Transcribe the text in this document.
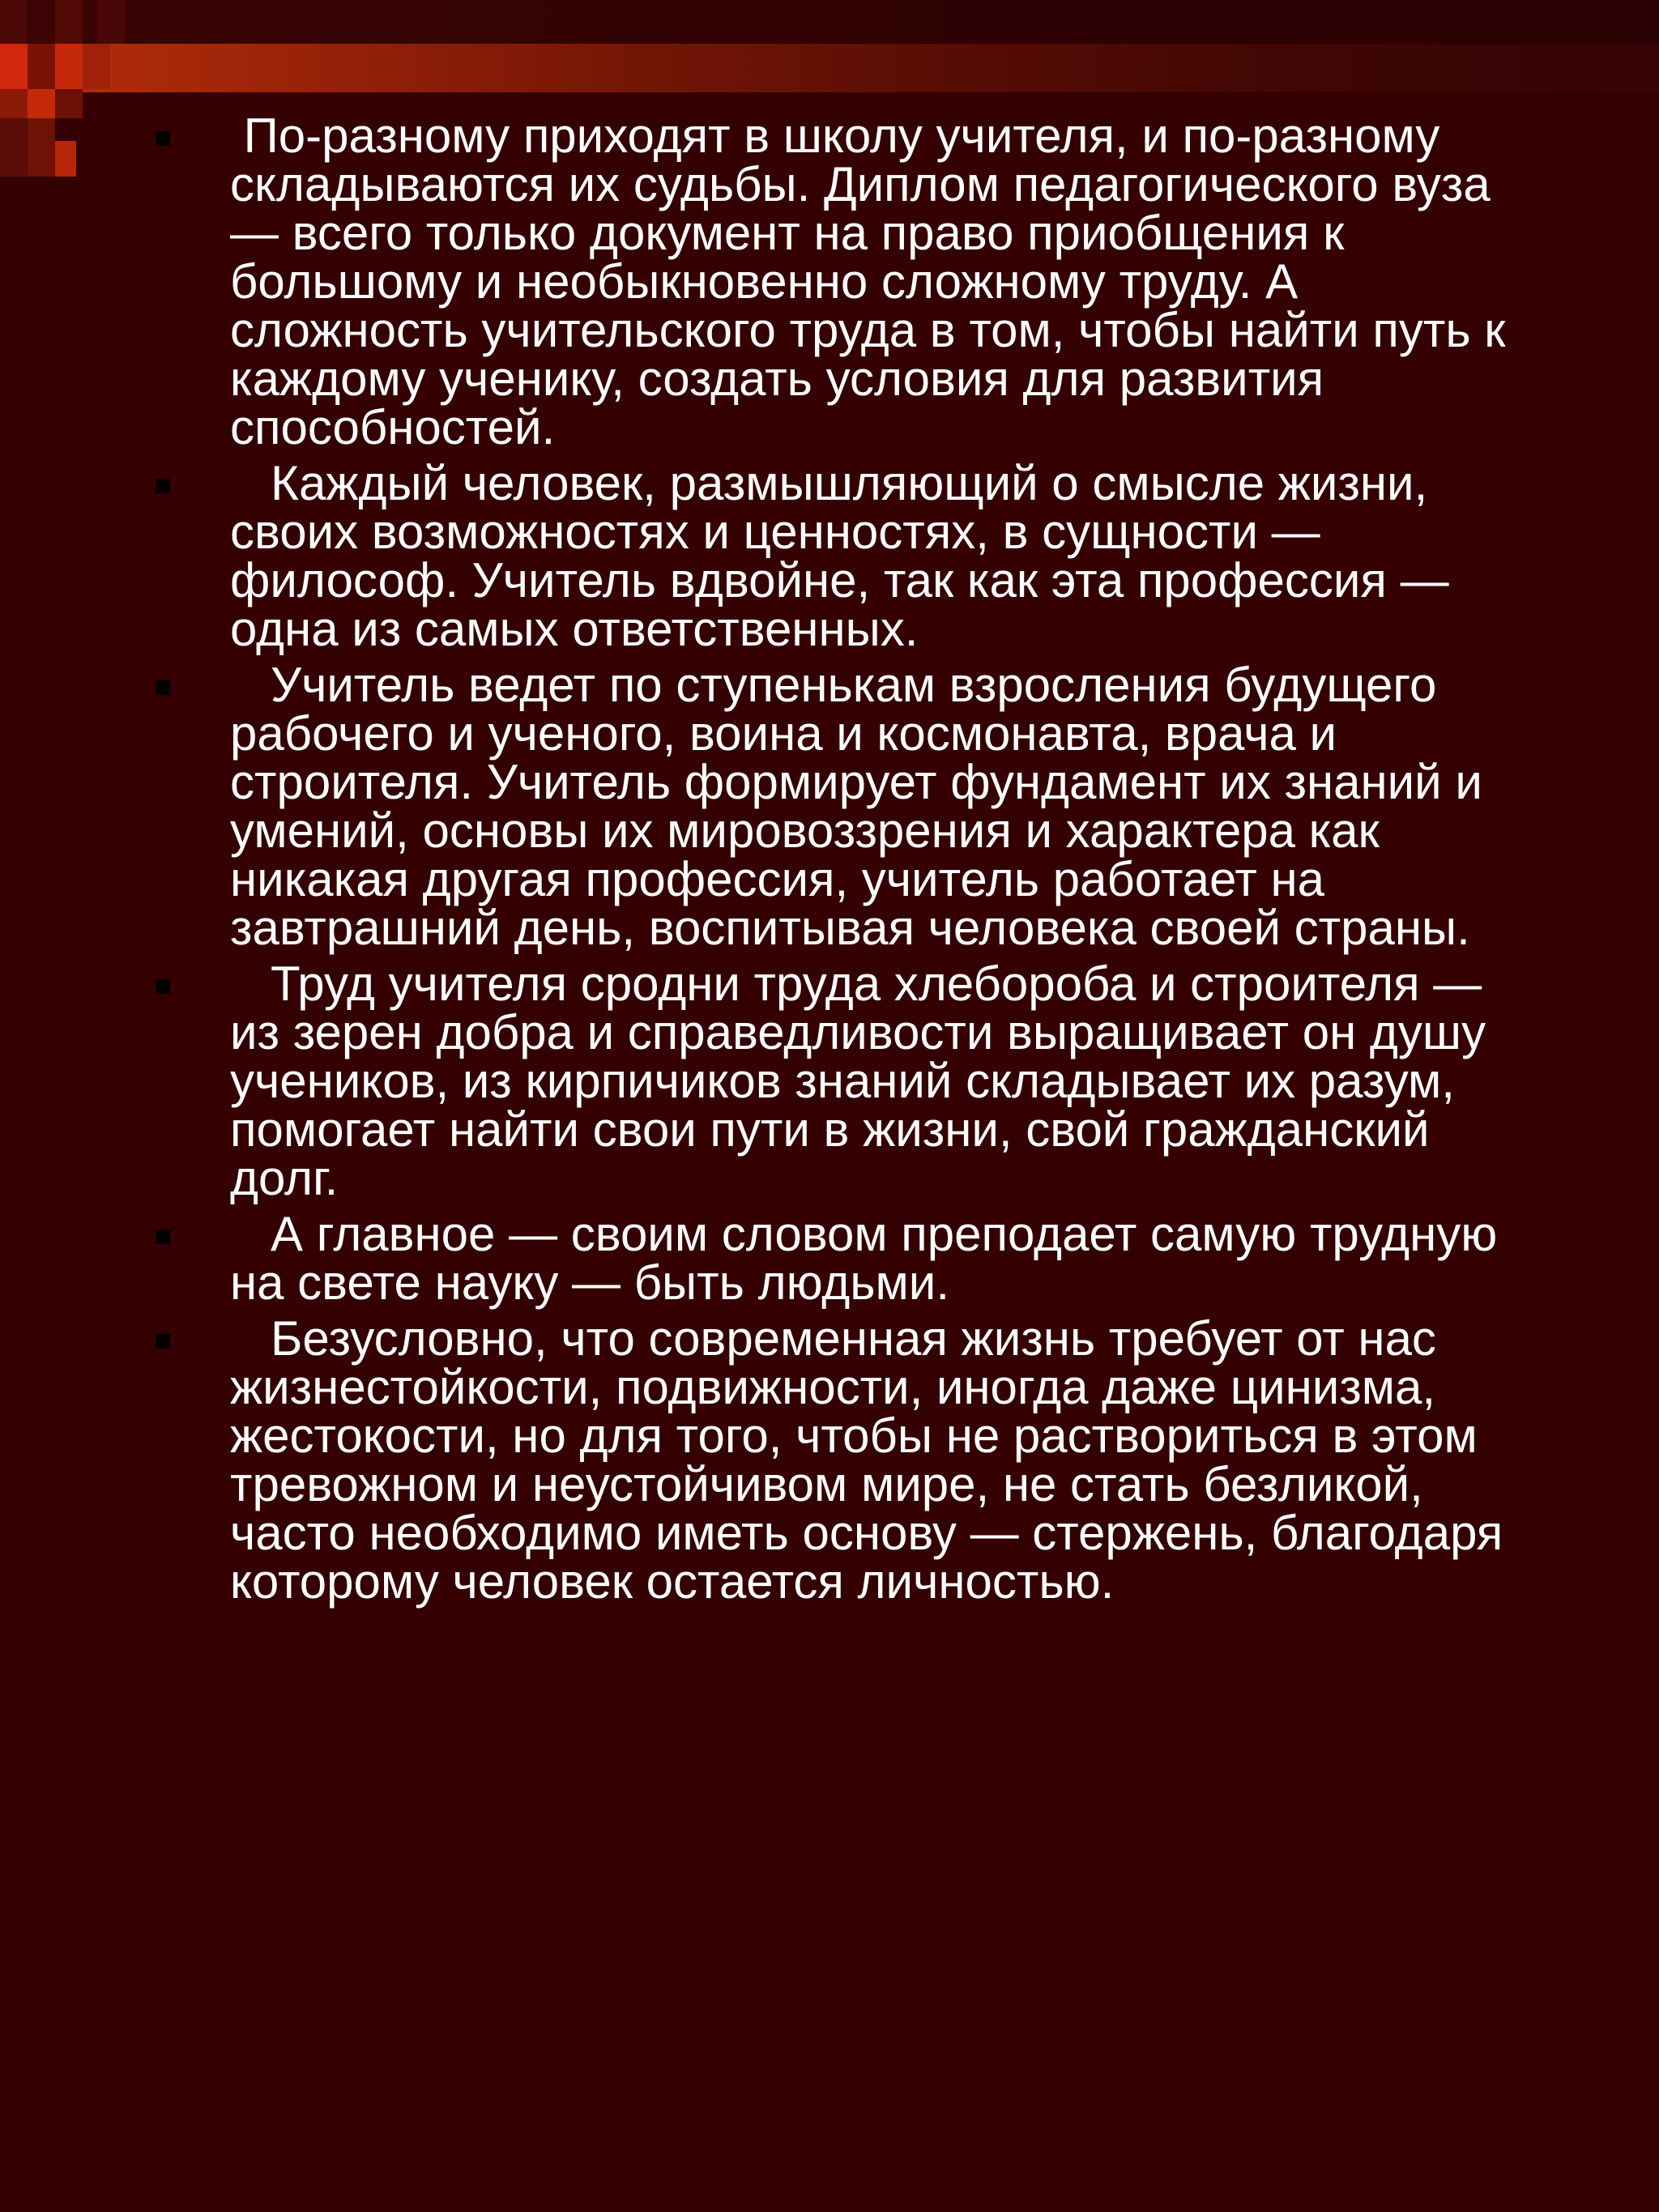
По-разному приходят в школу учителя, и по-разному складываются их судьбы. Диплом педагогического вуза — всего только документ на право приобщения к большому и необыкновенно сложному труду. А сложность учительского труда в том, чтобы найти путь к каждому ученику, создать условия для развития способностей.
Каждый человек, размышляющий о смысле жизни, своих возможностях и ценностях, в сущности — философ. Учитель вдвойне, так как эта профессия — одна из самых ответственных.
Учитель ведет по ступенькам взросления будущего рабочего и ученого, воина и космонавта, врача и строителя. Учитель формирует фундамент их знаний и умений, основы их мировоззрения и характера как никакая другая профессия, учитель работает на завтрашний день, воспитывая человека своей страны.
Труд учителя сродни труда хлебороба и строителя — из зерен добра и справедливости выращивает он душу учеников, из кирпичиков знаний складывает их разум, помогает найти свои пути в жизни, свой гражданский долг.
А главное — своим словом преподает самую трудную на свете науку — быть людьми.
Безусловно, что современная жизнь требует от нас жизнестойкости, подвижности, иногда даже цинизма, жестокости, но для того, чтобы не раствориться в этом тревожном и неустойчивом мире, не стать безликой, часто необходимо иметь основу — стержень, благодаря которому человек остается личностью.
